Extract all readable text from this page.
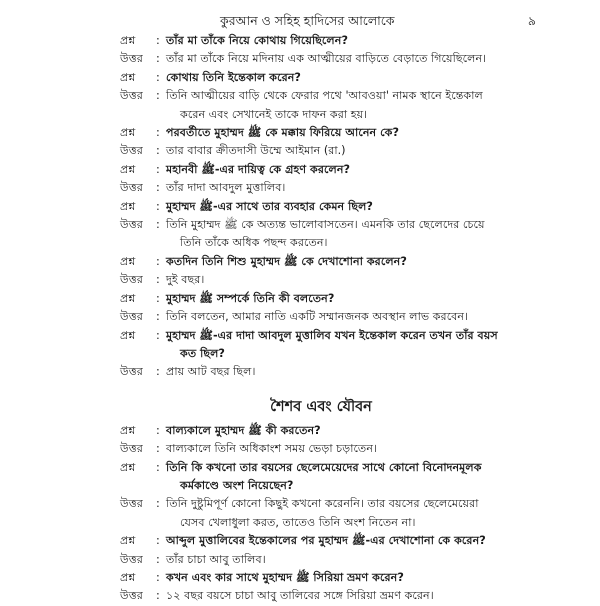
কুরআন ও সহিহ হাদিসের আলোকে	৯
প্রশ্ন	: তাঁর মা তাঁকে নিয়ে কোথায় গিয়েছিলেন?
উত্তর	: তাঁর মা তাঁকে নিয়ে মদিনায় এক আত্মীয়ের বাড়িতে বেড়াতে গিয়েছিলেন।
প্রশ্ন	: কোথায় তিনি ইন্তেকাল করেন?
উত্তর	: তিনি আত্মীয়ের বাড়ি থেকে ফেরার পথে 'আবওয়া' নামক স্থানে ইন্তেকাল
করেন এবং সেখানেই তাকে দাফন করা হয়।
প্রশ্ন	: পরবর্তীতে মুহাম্মদ ﷺ কে মক্কায় ফিরিয়ে আনেন কে?
উত্তর	: তার বাবার ক্রীতদাসী উম্মে আইমান (রা.)
প্রশ্ন	: মহানবী ﷺ-এর দায়িত্ব কে গ্রহণ করলেন?
উত্তর	: তাঁর দাদা আবদুল মুত্তালিব।
প্রশ্ন	: মুহাম্মদ ﷺ-এর সাথে তার ব্যবহার কেমন ছিল?
উত্তর	: তিনি মুহাম্মদ ﷺ কে অত্যন্ত ভালোবাসতেন। এমনকি তার ছেলেদের চেয়ে
তিনি তাঁকে অধিক পছন্দ করতেন।
প্রশ্ন	: কতদিন তিনি শিশু মুহাম্মদ ﷺ কে দেখাশোনা করলেন?
উত্তর	: দুই বছর।
প্রশ্ন	: মুহাম্মদ ﷺ সম্পর্কে তিনি কী বলতেন?
উত্তর	: তিনি বলতেন, আমার নাতি একটি সম্মানজনক অবস্থান লাভ করবেন।
প্রশ্ন	: মুহাম্মদ ﷺ-এর দাদা আবদুল মুত্তালিব যখন ইন্তেকাল করেন তখন তাঁর বয়স
কত ছিল?
উত্তর	: প্রায় আট বছর ছিল।
শৈশব এবং যৌবন
প্রশ্ন	: বাল্যকালে মুহাম্মদ ﷺ কী করতেন?
উত্তর	: বাল্যকালে তিনি অধিকাংশ সময় ভেড়া চড়াতেন।
প্রশ্ন	: তিনি কি কখনো তার বয়সের ছেলেমেয়েদের সাথে কোনো বিনোদনমূলক
কর্মকাণ্ডে অংশ নিয়েছেন?
উত্তর	: তিনি দুষ্টুমিপূর্ণ কোনো কিছুই কখনো করেননি। তার বয়সের ছেলেমেয়েরা
যেসব খেলাধুলা করত, তাতেও তিনি অংশ নিতেন না।
প্রশ্ন	: আব্দুল মুত্তালিবের ইন্তেকালের পর মুহাম্মদ ﷺ-এর দেখাশোনা কে করেন?
উত্তর	: তাঁর চাচা আবু তালিব।
প্রশ্ন	: কখন এবং কার সাথে মুহাম্মদ ﷺ সিরিয়া ভ্রমণ করেন?
উত্তর	: ১২ বছর বয়সে চাচা আবু তালিবের সঙ্গে সিরিয়া ভ্রমণ করেন।
